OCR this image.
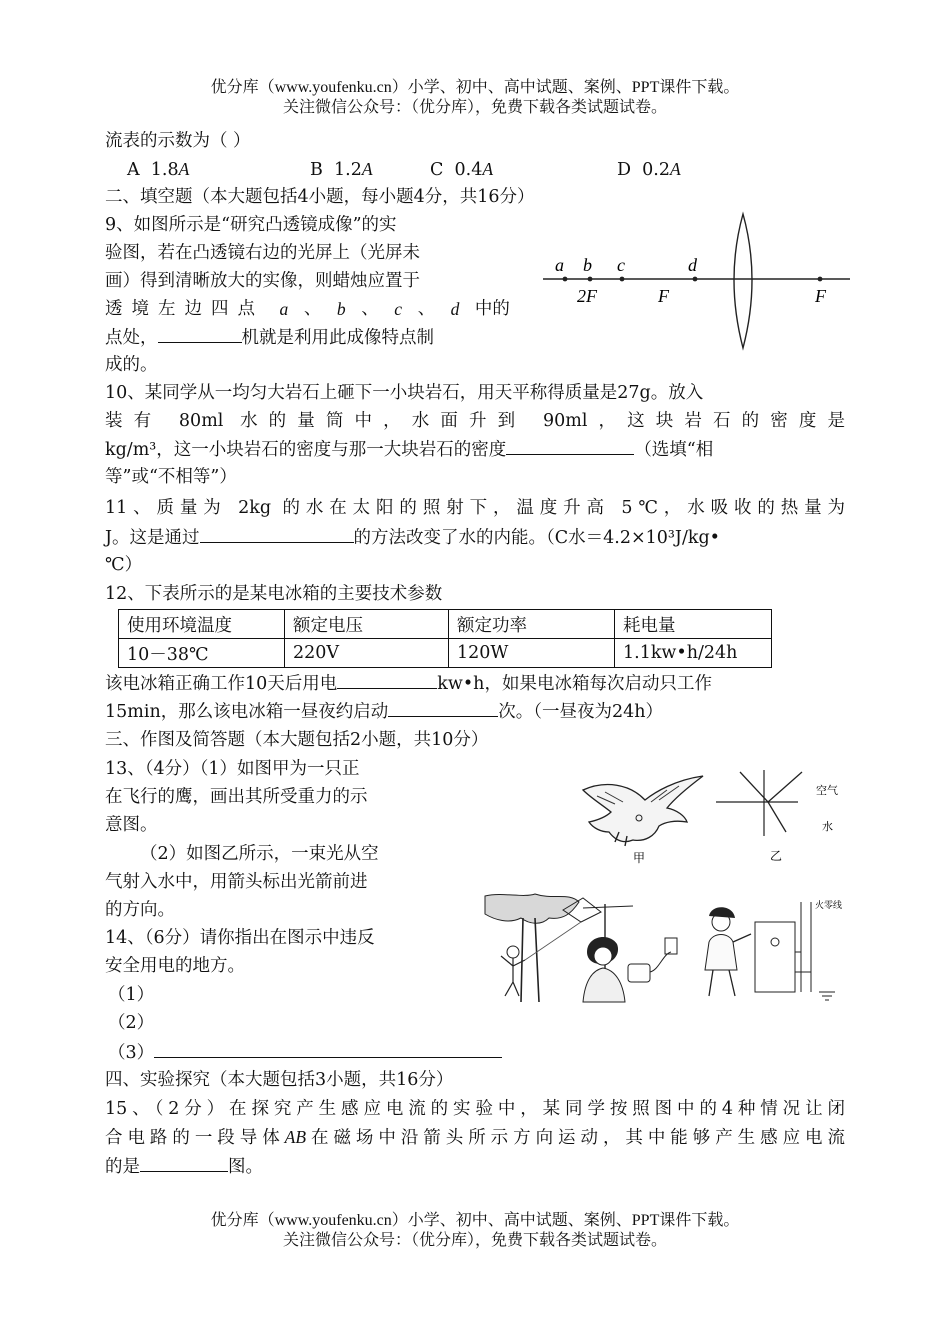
优分库（www.youfenku.cn）小学、初中、高中试题、案例、PPT课件下载。
关注微信公众号：（优分库），免费下载各类试题试卷。
流表的示数为（ ）
A 1.8A	B 1.2A	C 0.4A	D 0.2A
二、填空题（本大题包括4小题，每小题4分，共16分）
9、如图所示是“研究凸透镜成像”的实
验图，若在凸透镜右边的光屏上（光屏未
画）得到清晰放大的实像，则蜡烛应置于
透境左边四点 a 、 b 、 c 、 d 中的
点处，	机就是利用此成像特点制
成的。
a b c	d
2F	F	F
10、某同学从一均匀大岩石上砸下一小块岩石，用天平称得质量是27g。放入
装有 80ml 水的量筒中，水面升到 90ml，这块岩石的密度是
kg/m³，这一小块岩石的密度与那一大块岩石的密度	（选填“相
等”或“不相等”）
11、质量为 2kg 的水在太阳的照射下，温度升高 5℃，水吸收的热量为
J。这是通过	的方法改变了水的内能。（C水＝4.2×10³J/kg•
℃）
12、下表所示的是某电冰箱的主要技术参数
使用环境温度	额定电压	额定功率	耗电量
10－38℃	220V	120W	1.1kw•h/24h
该电冰箱正确工作10天后用电	kw•h，如果电冰箱每次启动只工作
15min，那么该电冰箱一昼夜约启动	次。（一昼夜为24h）
三、作图及简答题（本大题包括2小题，共10分）
13、（4分）（1）如图甲为一只正
在飞行的鹰，画出其所受重力的示
意图。
（2）如图乙所示，一束光从空
气射入水中，用箭头标出光箭前进
的方向。
甲
空气
水
乙
14、（6分）请你指出在图示中违反
安全用电的地方。
（1）
（2）
（3）
火零线
四、实验探究（本大题包括3小题，共16分）
15、（2分）在探究产生感应电流的实验中，某同学按照图中的4种情况让闭
合电路的一段导体AB在磁场中沿箭头所示方向运动，其中能够产生感应电流
的是	图。
优分库（www.youfenku.cn）小学、初中、高中试题、案例、PPT课件下载。
关注微信公众号：（优分库），免费下载各类试题试卷。
